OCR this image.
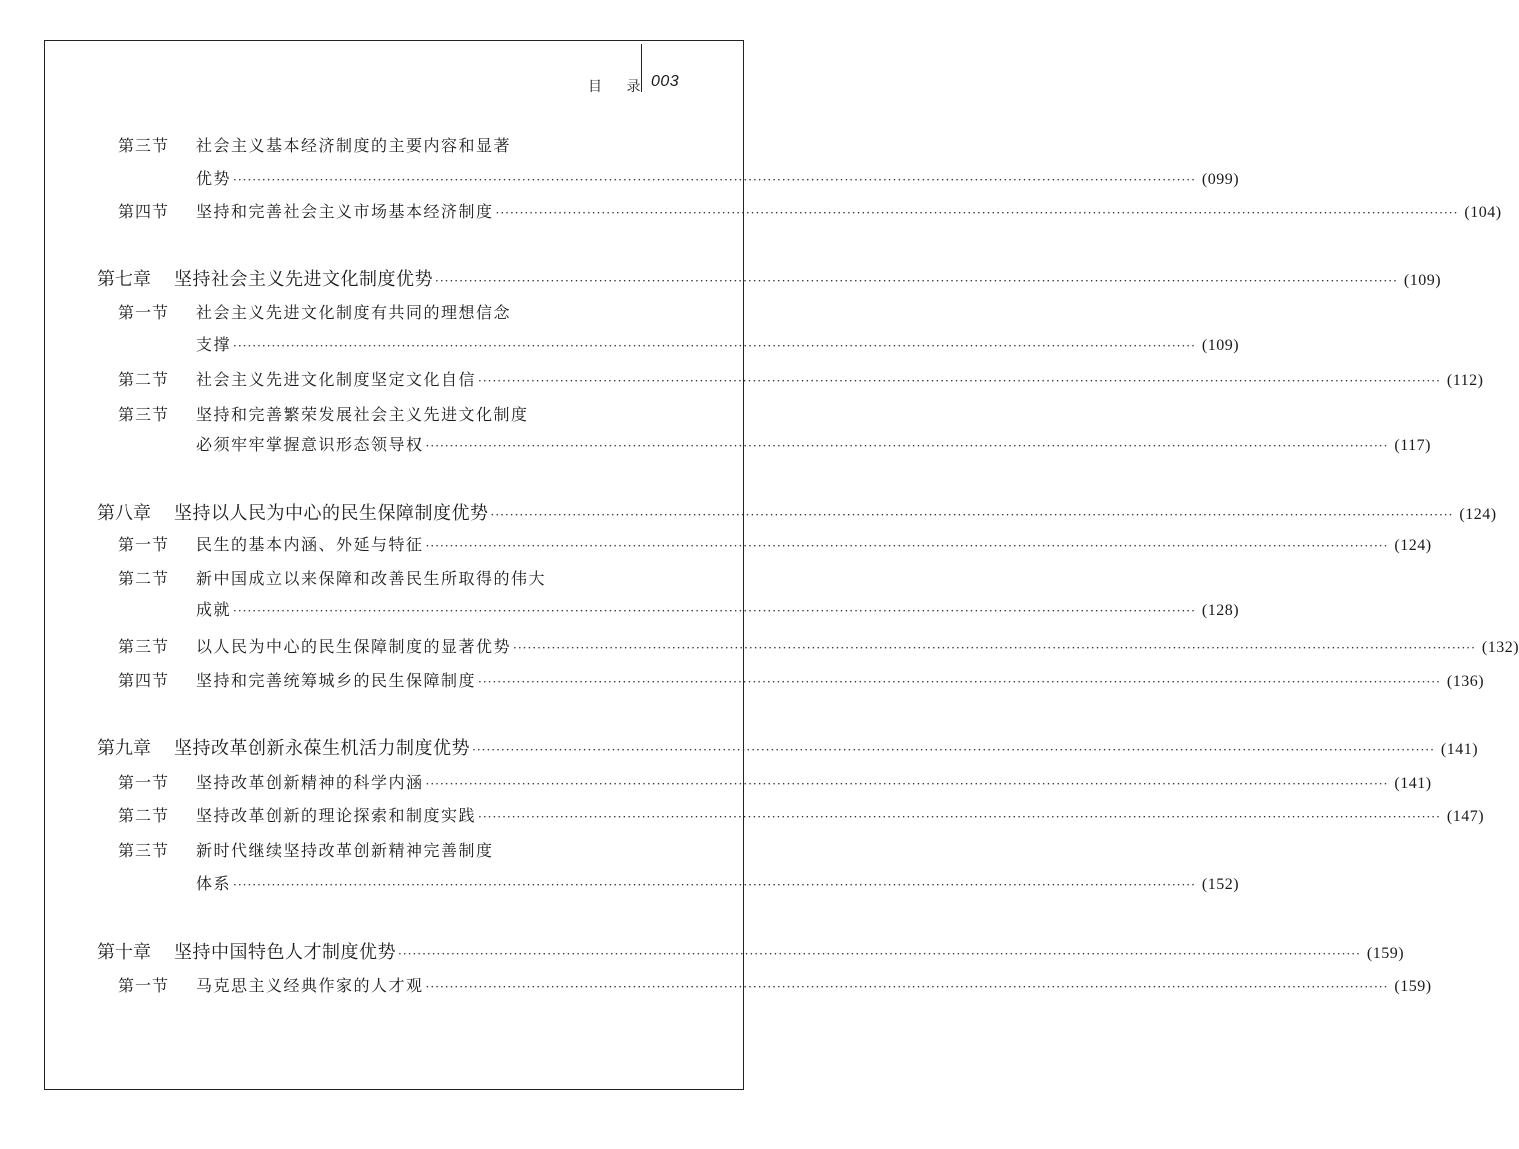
目 录 003
第三节 社会主义基本经济制度的主要内容和显著
优势 ········································································································································································································ (099)
第四节 坚持和完善社会主义市场基本经济制度 ········································································································································································································ (104)
第七章 坚持社会主义先进文化制度优势 ········································································································································································································ (109)
第一节 社会主义先进文化制度有共同的理想信念
支撑 ········································································································································································································ (109)
第二节 社会主义先进文化制度坚定文化自信 ········································································································································································································ (112)
第三节 坚持和完善繁荣发展社会主义先进文化制度
必须牢牢掌握意识形态领导权 ········································································································································································································ (117)
第八章 坚持以人民为中心的民生保障制度优势 ········································································································································································································ (124)
第一节 民生的基本内涵、外延与特征 ········································································································································································································ (124)
第二节 新中国成立以来保障和改善民生所取得的伟大
成就 ········································································································································································································ (128)
第三节 以人民为中心的民生保障制度的显著优势 ········································································································································································································ (132)
第四节 坚持和完善统筹城乡的民生保障制度 ········································································································································································································ (136)
第九章 坚持改革创新永葆生机活力制度优势 ········································································································································································································ (141)
第一节 坚持改革创新精神的科学内涵 ········································································································································································································ (141)
第二节 坚持改革创新的理论探索和制度实践 ········································································································································································································ (147)
第三节 新时代继续坚持改革创新精神完善制度
体系 ········································································································································································································ (152)
第十章 坚持中国特色人才制度优势 ········································································································································································································ (159)
第一节 马克思主义经典作家的人才观 ········································································································································································································ (159)
